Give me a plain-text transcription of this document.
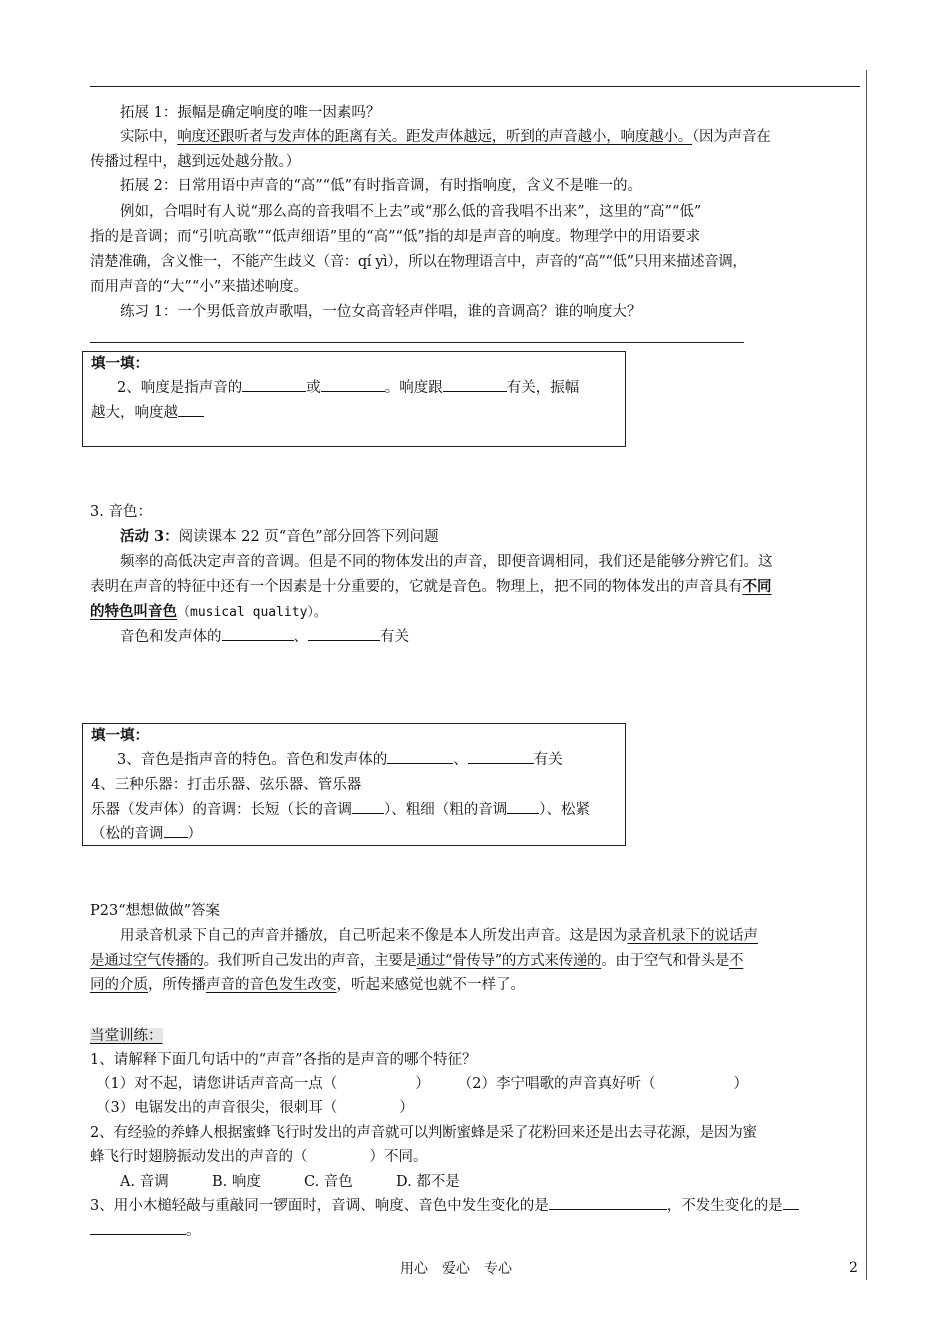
拓展 1：振幅是确定响度的唯一因素吗？
实际中，响度还跟听者与发声体的距离有关。距发声体越远，听到的声音越小，响度越小。（因为声音在
传播过程中，越到远处越分散。）
拓展 2：日常用语中声音的“高”“低”有时指音调，有时指响度，含义不是唯一的。
例如，合唱时有人说“那么高的音我唱不上去”或“那么低的音我唱不出来”，这里的“高”“低”
指的是音调；而“引吭高歌”“低声细语”里的“高”“低”指的却是声音的响度。物理学中的用语要求
清楚准确，含义惟一，不能产生歧义（音：qí yì），所以在物理语言中，声音的“高”“低”只用来描述音调，
而用声音的“大”“小”来描述响度。
练习 1：一个男低音放声歌唱，一位女高音轻声伴唱，谁的音调高？谁的响度大？
填一填：
2、响度是指声音的	或	。响度跟	有关，振幅
越大，响度越
3. 音色：
活动 3：阅读课本 22 页“音色”部分回答下列问题
频率的高低决定声音的音调。但是不同的物体发出的声音，即便音调相同，我们还是能够分辨它们。这
表明在声音的特征中还有一个因素是十分重要的，它就是音色。物理上，把不同的物体发出的声音具有不同
的特色叫音色（musical quality）。
音色和发声体的	、	有关
填一填：
3、音色是指声音的特色。音色和发声体的	、	有关
4、三种乐器：打击乐器、弦乐器、管乐器
乐器（发声体）的音调：长短（长的音调 ）、粗细（粗的音调 ）、松紧
（松的音调 ）
P23“想想做做”答案
用录音机录下自己的声音并播放，自己听起来不像是本人所发出声音。这是因为录音机录下的说话声
是通过空气传播的。我们听自己发出的声音，主要是通过“骨传导”的方式来传递的。由于空气和骨头是不
同的介质，所传播声音的音色发生改变，听起来感觉也就不一样了。
当堂训练：
1、请解释下面几句话中的“声音”各指的是声音的哪个特征？
（1）对不起，请您讲话声音高一点（	） （2）李宁唱歌的声音真好听（	）
（3）电锯发出的声音很尖，很刺耳（	）
2、有经验的养蜂人根据蜜蜂飞行时发出的声音就可以判断蜜蜂是采了花粉回来还是出去寻花源，是因为蜜
蜂飞行时翅膀振动发出的声音的（	）不同。
A. 音调	B. 响度	C. 音色	D. 都不是
3、用小木槌轻敲与重敲同一锣面时，音调、响度、音色中发生变化的是	，不发生变化的是
。
用心　爱心　专心	2
